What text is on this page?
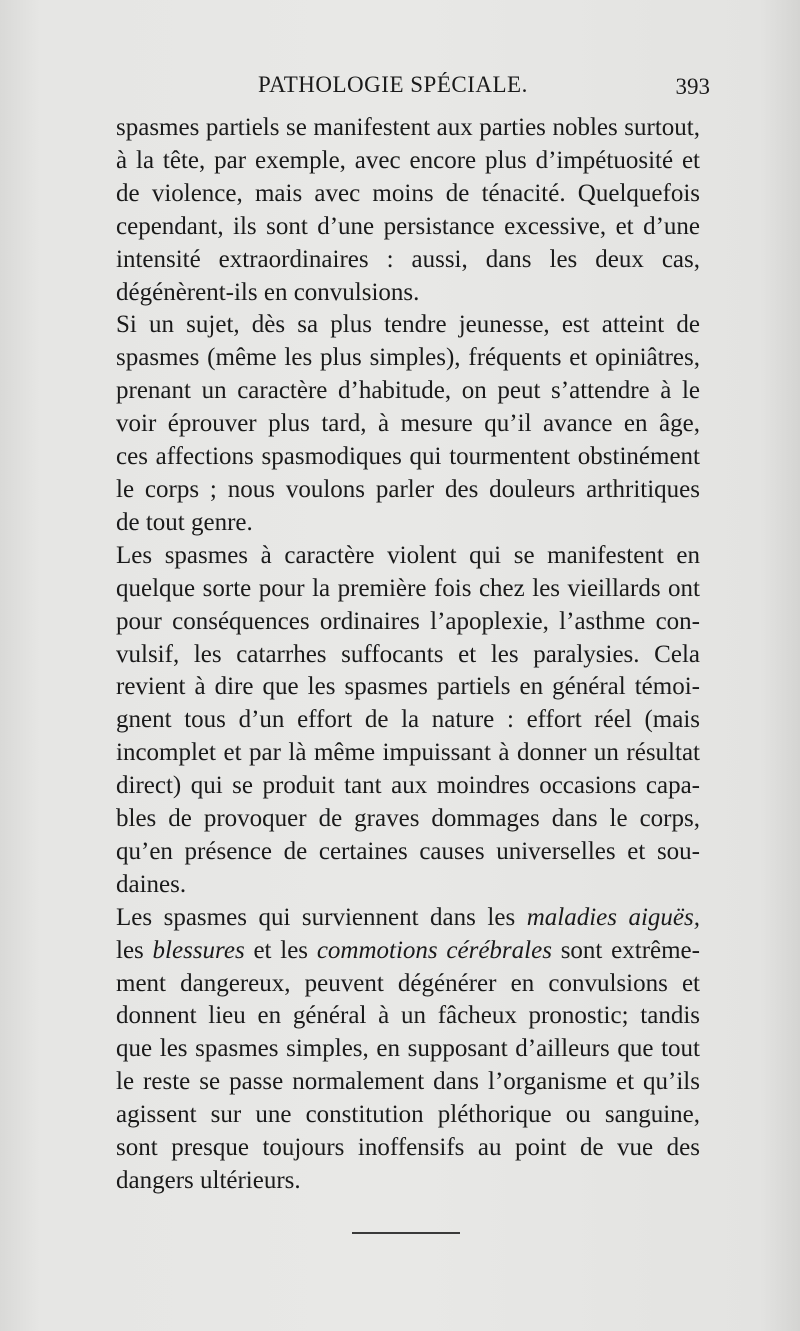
PATHOLOGIE SPÉCIALE.	393
spasmes partiels se manifestent aux parties nobles surtout,
à la tête, par exemple, avec encore plus d’impétuosité et
de violence, mais avec moins de ténacité. Quelquefois
cependant, ils sont d’une persistance excessive, et d’une
intensité extraordinaires : aussi, dans les deux cas,
dégénèrent-ils en convulsions.
Si un sujet, dès sa plus tendre jeunesse, est atteint de
spasmes (même les plus simples), fréquents et opiniâtres,
prenant un caractère d’habitude, on peut s’attendre à le
voir éprouver plus tard, à mesure qu’il avance en âge,
ces affections spasmodiques qui tourmentent obstinément
le corps ; nous voulons parler des douleurs arthritiques
de tout genre.
Les spasmes à caractère violent qui se manifestent en
quelque sorte pour la première fois chez les vieillards ont
pour conséquences ordinaires l’apoplexie, l’asthme con-
vulsif, les catarrhes suffocants et les paralysies. Cela
revient à dire que les spasmes partiels en général témoi-
gnent tous d’un effort de la nature : effort réel (mais
incomplet et par là même impuissant à donner un résultat
direct) qui se produit tant aux moindres occasions capa-
bles de provoquer de graves dommages dans le corps,
qu’en présence de certaines causes universelles et sou-
daines.
Les spasmes qui surviennent dans les maladies aiguës,
les blessures et les commotions cérébrales sont extrême-
ment dangereux, peuvent dégénérer en convulsions et
donnent lieu en général à un fâcheux pronostic; tandis
que les spasmes simples, en supposant d’ailleurs que tout
le reste se passe normalement dans l’organisme et qu’ils
agissent sur une constitution pléthorique ou sanguine,
sont presque toujours inoffensifs au point de vue des
dangers ultérieurs.
